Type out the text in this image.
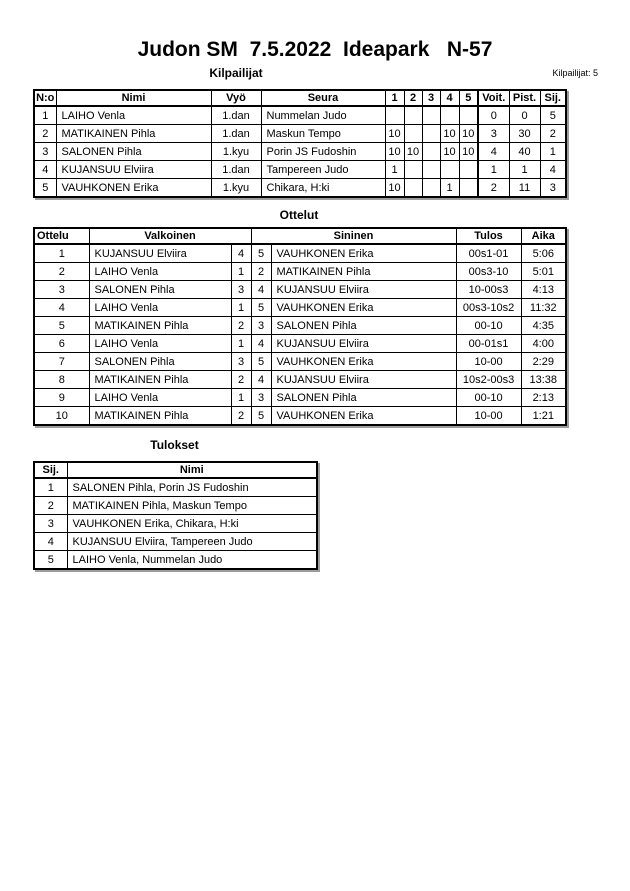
Judon SM  7.5.2022  Ideapark   N-57
Kilpailijat	Kilpailijat: 5
N:o	Nimi	Vyö	Seura	1	2	3	4	5	Voit.	Pist.	Sij.
1	LAIHO Venla	1.dan	Nummelan Judo						0	0	5
2	MATIKAINEN Pihla	1.dan	Maskun Tempo	10			10	10	3	30	2
3	SALONEN Pihla	1.kyu	Porin JS Fudoshin	10	10		10	10	4	40	1
4	KUJANSUU Elviira	1.dan	Tampereen Judo	1					1	1	4
5	VAUHKONEN Erika	1.kyu	Chikara, H:ki	10			1		2	11	3
Ottelut
Ottelu	Valkoinen		Sininen		Tulos	Aika
1	KUJANSUU Elviira	4	5	VAUHKONEN Erika	00s1-01	5:06
2	LAIHO Venla	1	2	MATIKAINEN Pihla	00s3-10	5:01
3	SALONEN Pihla	3	4	KUJANSUU Elviira	10-00s3	4:13
4	LAIHO Venla	1	5	VAUHKONEN Erika	00s3-10s2	11:32
5	MATIKAINEN Pihla	2	3	SALONEN Pihla	00-10	4:35
6	LAIHO Venla	1	4	KUJANSUU Elviira	00-01s1	4:00
7	SALONEN Pihla	3	5	VAUHKONEN Erika	10-00	2:29
8	MATIKAINEN Pihla	2	4	KUJANSUU Elviira	10s2-00s3	13:38
9	LAIHO Venla	1	3	SALONEN Pihla	00-10	2:13
10	MATIKAINEN Pihla	2	5	VAUHKONEN Erika	10-00	1:21
Tulokset
Sij.	Nimi
1	SALONEN Pihla, Porin JS Fudoshin
2	MATIKAINEN Pihla, Maskun Tempo
3	VAUHKONEN Erika, Chikara, H:ki
4	KUJANSUU Elviira, Tampereen Judo
5	LAIHO Venla, Nummelan Judo
